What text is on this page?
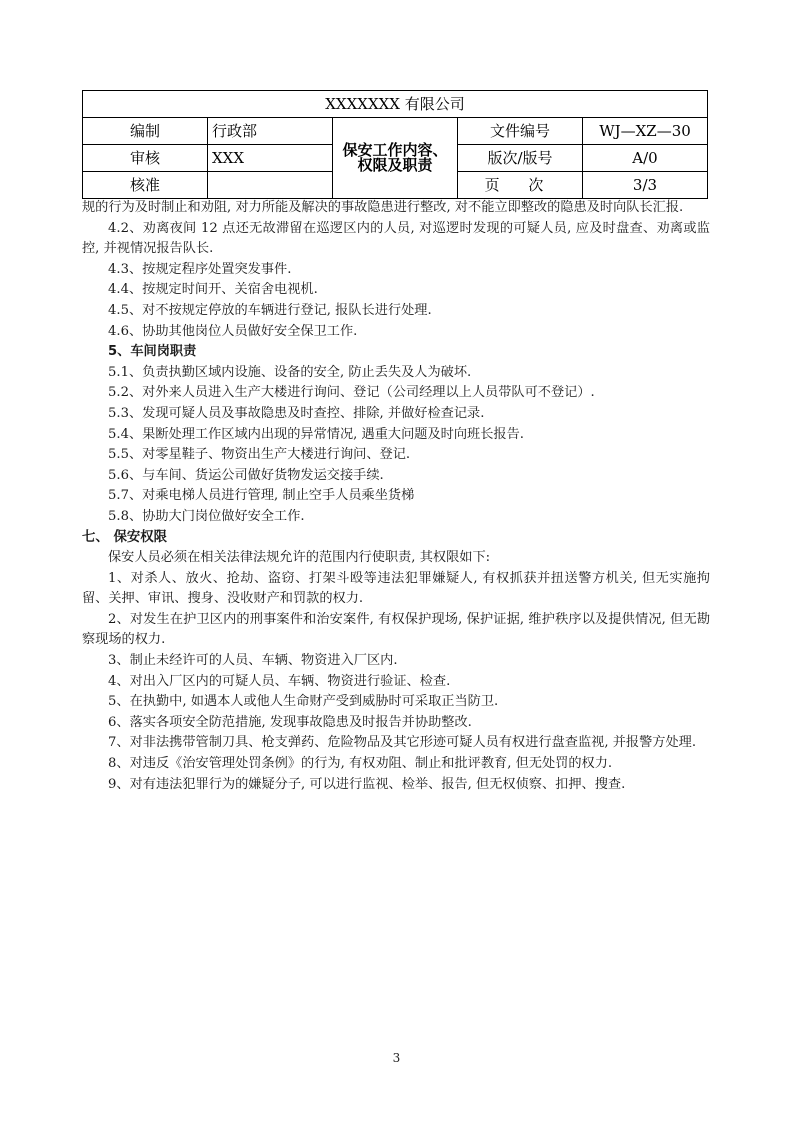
XXXXXXX 有限公司				
编制	行政部	保安工作内容、权限及职责	文件编号	WJ—XZ—30
审核	XXX		版次/版号	A/0
核准			页 次	3/3

规的行为及时制止和劝阻, 对力所能及解决的事故隐患进行整改, 对不能立即整改的隐患及时向队长汇报.

4.2、劝离夜间 12 点还无故滞留在巡逻区内的人员, 对巡逻时发现的可疑人员, 应及时盘查、劝离或监控, 并视情况报告队长.

4.3、按规定程序处置突发事件.

4.4、按规定时间开、关宿舍电视机.

4.5、对不按规定停放的车辆进行登记, 报队长进行处理.

4.6、协助其他岗位人员做好安全保卫工作.

5、车间岗职责

5.1、负责执勤区域内设施、设备的安全, 防止丢失及人为破坏.

5.2、对外来人员进入生产大楼进行询问、登记（公司经理以上人员带队可不登记）.

5.3、发现可疑人员及事故隐患及时查控、排除, 并做好检查记录.

5.4、果断处理工作区域内出现的异常情况, 遇重大问题及时向班长报告.

5.5、对零星鞋子、物资出生产大楼进行询问、登记.

5.6、与车间、货运公司做好货物发运交接手续.

5.7、对乘电梯人员进行管理, 制止空手人员乘坐货梯

5.8、协助大门岗位做好安全工作.

七、 保安权限

保安人员必须在相关法律法规允许的范围内行使职责, 其权限如下:

1、对杀人、放火、抢劫、盗窃、打架斗殴等违法犯罪嫌疑人, 有权抓获并扭送警方机关, 但无实施拘留、关押、审讯、搜身、没收财产和罚款的权力.

2、对发生在护卫区内的刑事案件和治安案件, 有权保护现场, 保护证据, 维护秩序以及提供情况, 但无勘察现场的权力.

3、制止未经许可的人员、车辆、物资进入厂区内.

4、对出入厂区内的可疑人员、车辆、物资进行验证、检查.

5、在执勤中, 如遇本人或他人生命财产受到威胁时可采取正当防卫.

6、落实各项安全防范措施, 发现事故隐患及时报告并协助整改.

7、对非法携带管制刀具、枪支弹药、危险物品及其它形迹可疑人员有权进行盘查监视, 并报警方处理.

8、对违反《治安管理处罚条例》的行为, 有权劝阻、制止和批评教育, 但无处罚的权力.

9、对有违法犯罪行为的嫌疑分子, 可以进行监视、检举、报告, 但无权侦察、扣押、搜查.

3
